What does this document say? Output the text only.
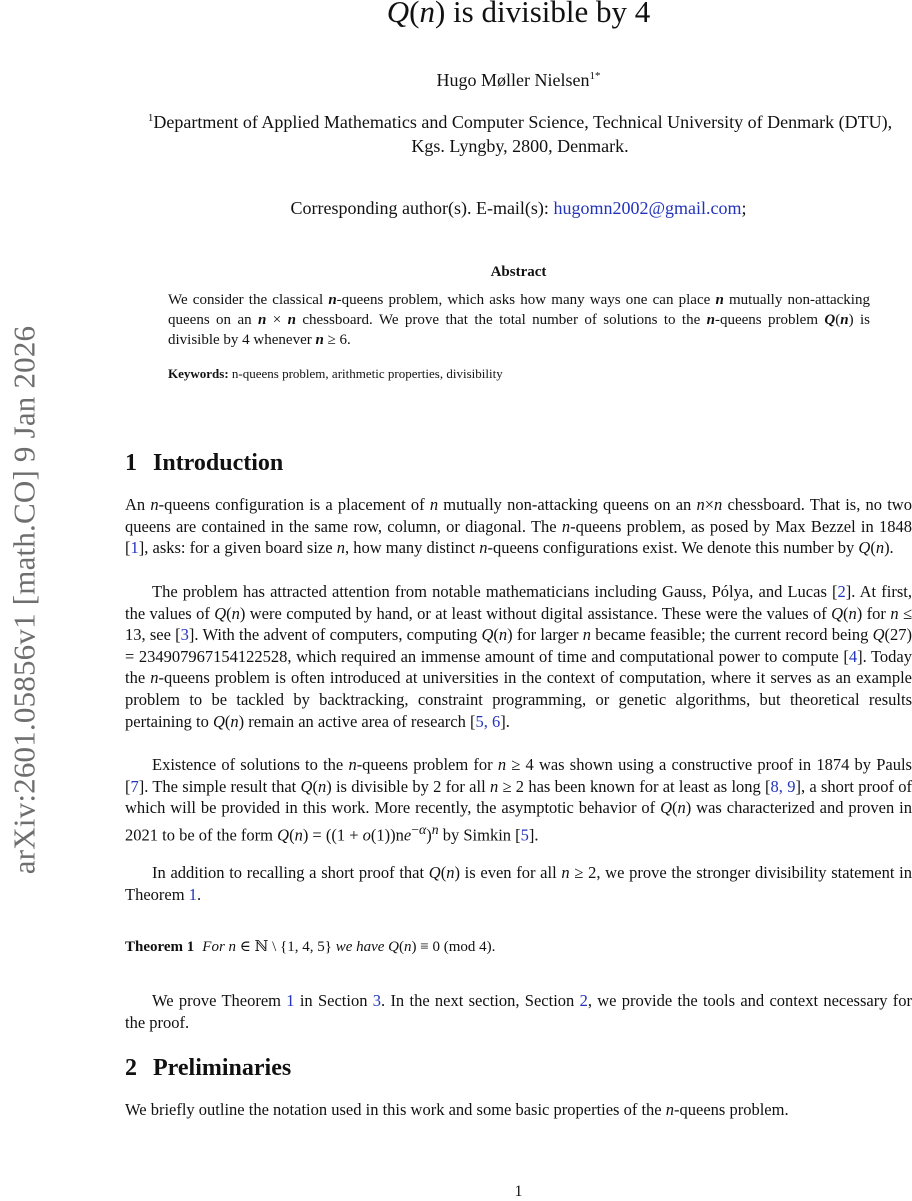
arXiv:2601.05856v1 [math.CO] 9 Jan 2026
Q(n) is divisible by 4
Hugo Møller Nielsen$^{1*}$
$^1$Department of Applied Mathematics and Computer Science, Technical University of Denmark (DTU), Kgs. Lyngby, 2800, Denmark.
Corresponding author(s). E-mail(s): hugomn2002@gmail.com;
Abstract
We consider the classical n-queens problem, which asks how many ways one can place n mutually non-attacking queens on an n × n chessboard. We prove that the total number of solutions to the n-queens problem Q(n) is divisible by 4 whenever n ≥ 6.
Keywords: n-queens problem, arithmetic properties, divisibility
1 Introduction
An n-queens configuration is a placement of n mutually non-attacking queens on an n×n chessboard. That is, no two queens are contained in the same row, column, or diagonal. The n-queens problem, as posed by Max Bezzel in 1848 [1], asks: for a given board size n, how many distinct n-queens configurations exist. We denote this number by Q(n).
The problem has attracted attention from notable mathematicians including Gauss, Pólya, and Lucas [2]. At first, the values of Q(n) were computed by hand, or at least without digital assistance. These were the values of Q(n) for n ≤ 13, see [3]. With the advent of computers, computing Q(n) for larger n became feasible; the current record being Q(27) = 234907967154122528, which required an immense amount of time and computational power to compute [4]. Today the n-queens problem is often introduced at universities in the context of computation, where it serves as an example problem to be tackled by backtracking, constraint programming, or genetic algorithms, but theoretical results pertaining to Q(n) remain an active area of research [5, 6].
Existence of solutions to the n-queens problem for n ≥ 4 was shown using a constructive proof in 1874 by Pauls [7]. The simple result that Q(n) is divisible by 2 for all n ≥ 2 has been known for at least as long [8, 9], a short proof of which will be provided in this work. More recently, the asymptotic behavior of Q(n) was characterized and proven in 2021 to be of the form $Q(n) = ((1 + o(1))ne^{-\alpha})^n$ by Simkin [5].
In addition to recalling a short proof that Q(n) is even for all n ≥ 2, we prove the stronger divisibility statement in Theorem 1.
Theorem 1 For n ∈ ℕ \ {1, 4, 5} we have Q(n) ≡ 0 (mod 4).
We prove Theorem 1 in Section 3. In the next section, Section 2, we provide the tools and context necessary for the proof.
2 Preliminaries
We briefly outline the notation used in this work and some basic properties of the n-queens problem.
1
